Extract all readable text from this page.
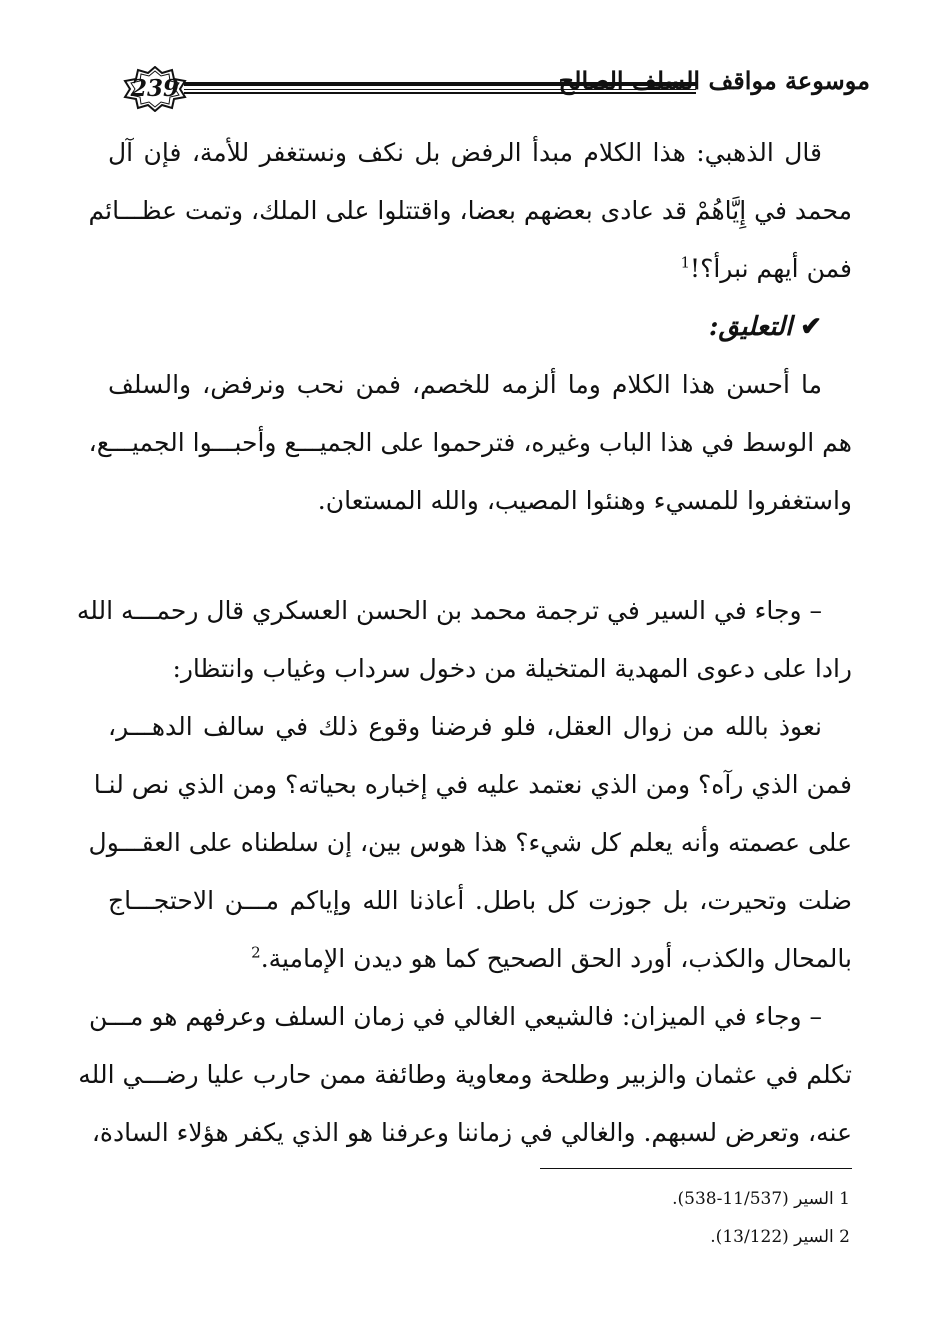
239	موسوعة مواقف السلف الصالح
قال الذهبي: هذا الكلام مبدأ الرفض بل نكف ونستغفر للأمة، فإن آل
محمد في إِيَّاهُمْ قد عادى بعضهم بعضا، واقتتلوا على الملك، وتمت عظـــائم
فمن أيهم نبرأ؟!$^1$
✔التعليق:
ما أحسن هذا الكلام وما ألزمه للخصم، فمن نحب ونرفض، والسلف
هم الوسط في هذا الباب وغيره، فترحموا على الجميـــع وأحبـــوا الجميـــع،
واستغفروا للمسيء وهنئوا المصيب، والله المستعان.
– وجاء في السير في ترجمة محمد بن الحسن العسكري قال رحمـــه الله
رادا على دعوى المهدية المتخيلة من دخول سرداب وغياب وانتظار:
نعوذ بالله من زوال العقل، فلو فرضنا وقوع ذلك في سالف الدهـــر،
فمن الذي رآه؟ ومن الذي نعتمد عليه في إخباره بحياته؟ ومن الذي نص لنـا
على عصمته وأنه يعلم كل شيء؟ هذا هوس بين، إن سلطناه على العقـــول
ضلت وتحيرت، بل جوزت كل باطل. أعاذنا الله وإياكم مـــن الاحتجـــاج
بالمحال والكذب، أورد الحق الصحيح كما هو ديدن الإمامية.$^2$
– وجاء في الميزان: فالشيعي الغالي في زمان السلف وعرفهم هو مـــن
تكلم في عثمان والزبير وطلحة ومعاوية وطائفة ممن حارب عليا رضـــي الله
عنه، وتعرض لسبهم. والغالي في زماننا وعرفنا هو الذي يكفر هؤلاء السادة،
1 السير (11/537-538).
2 السير (13/122).
